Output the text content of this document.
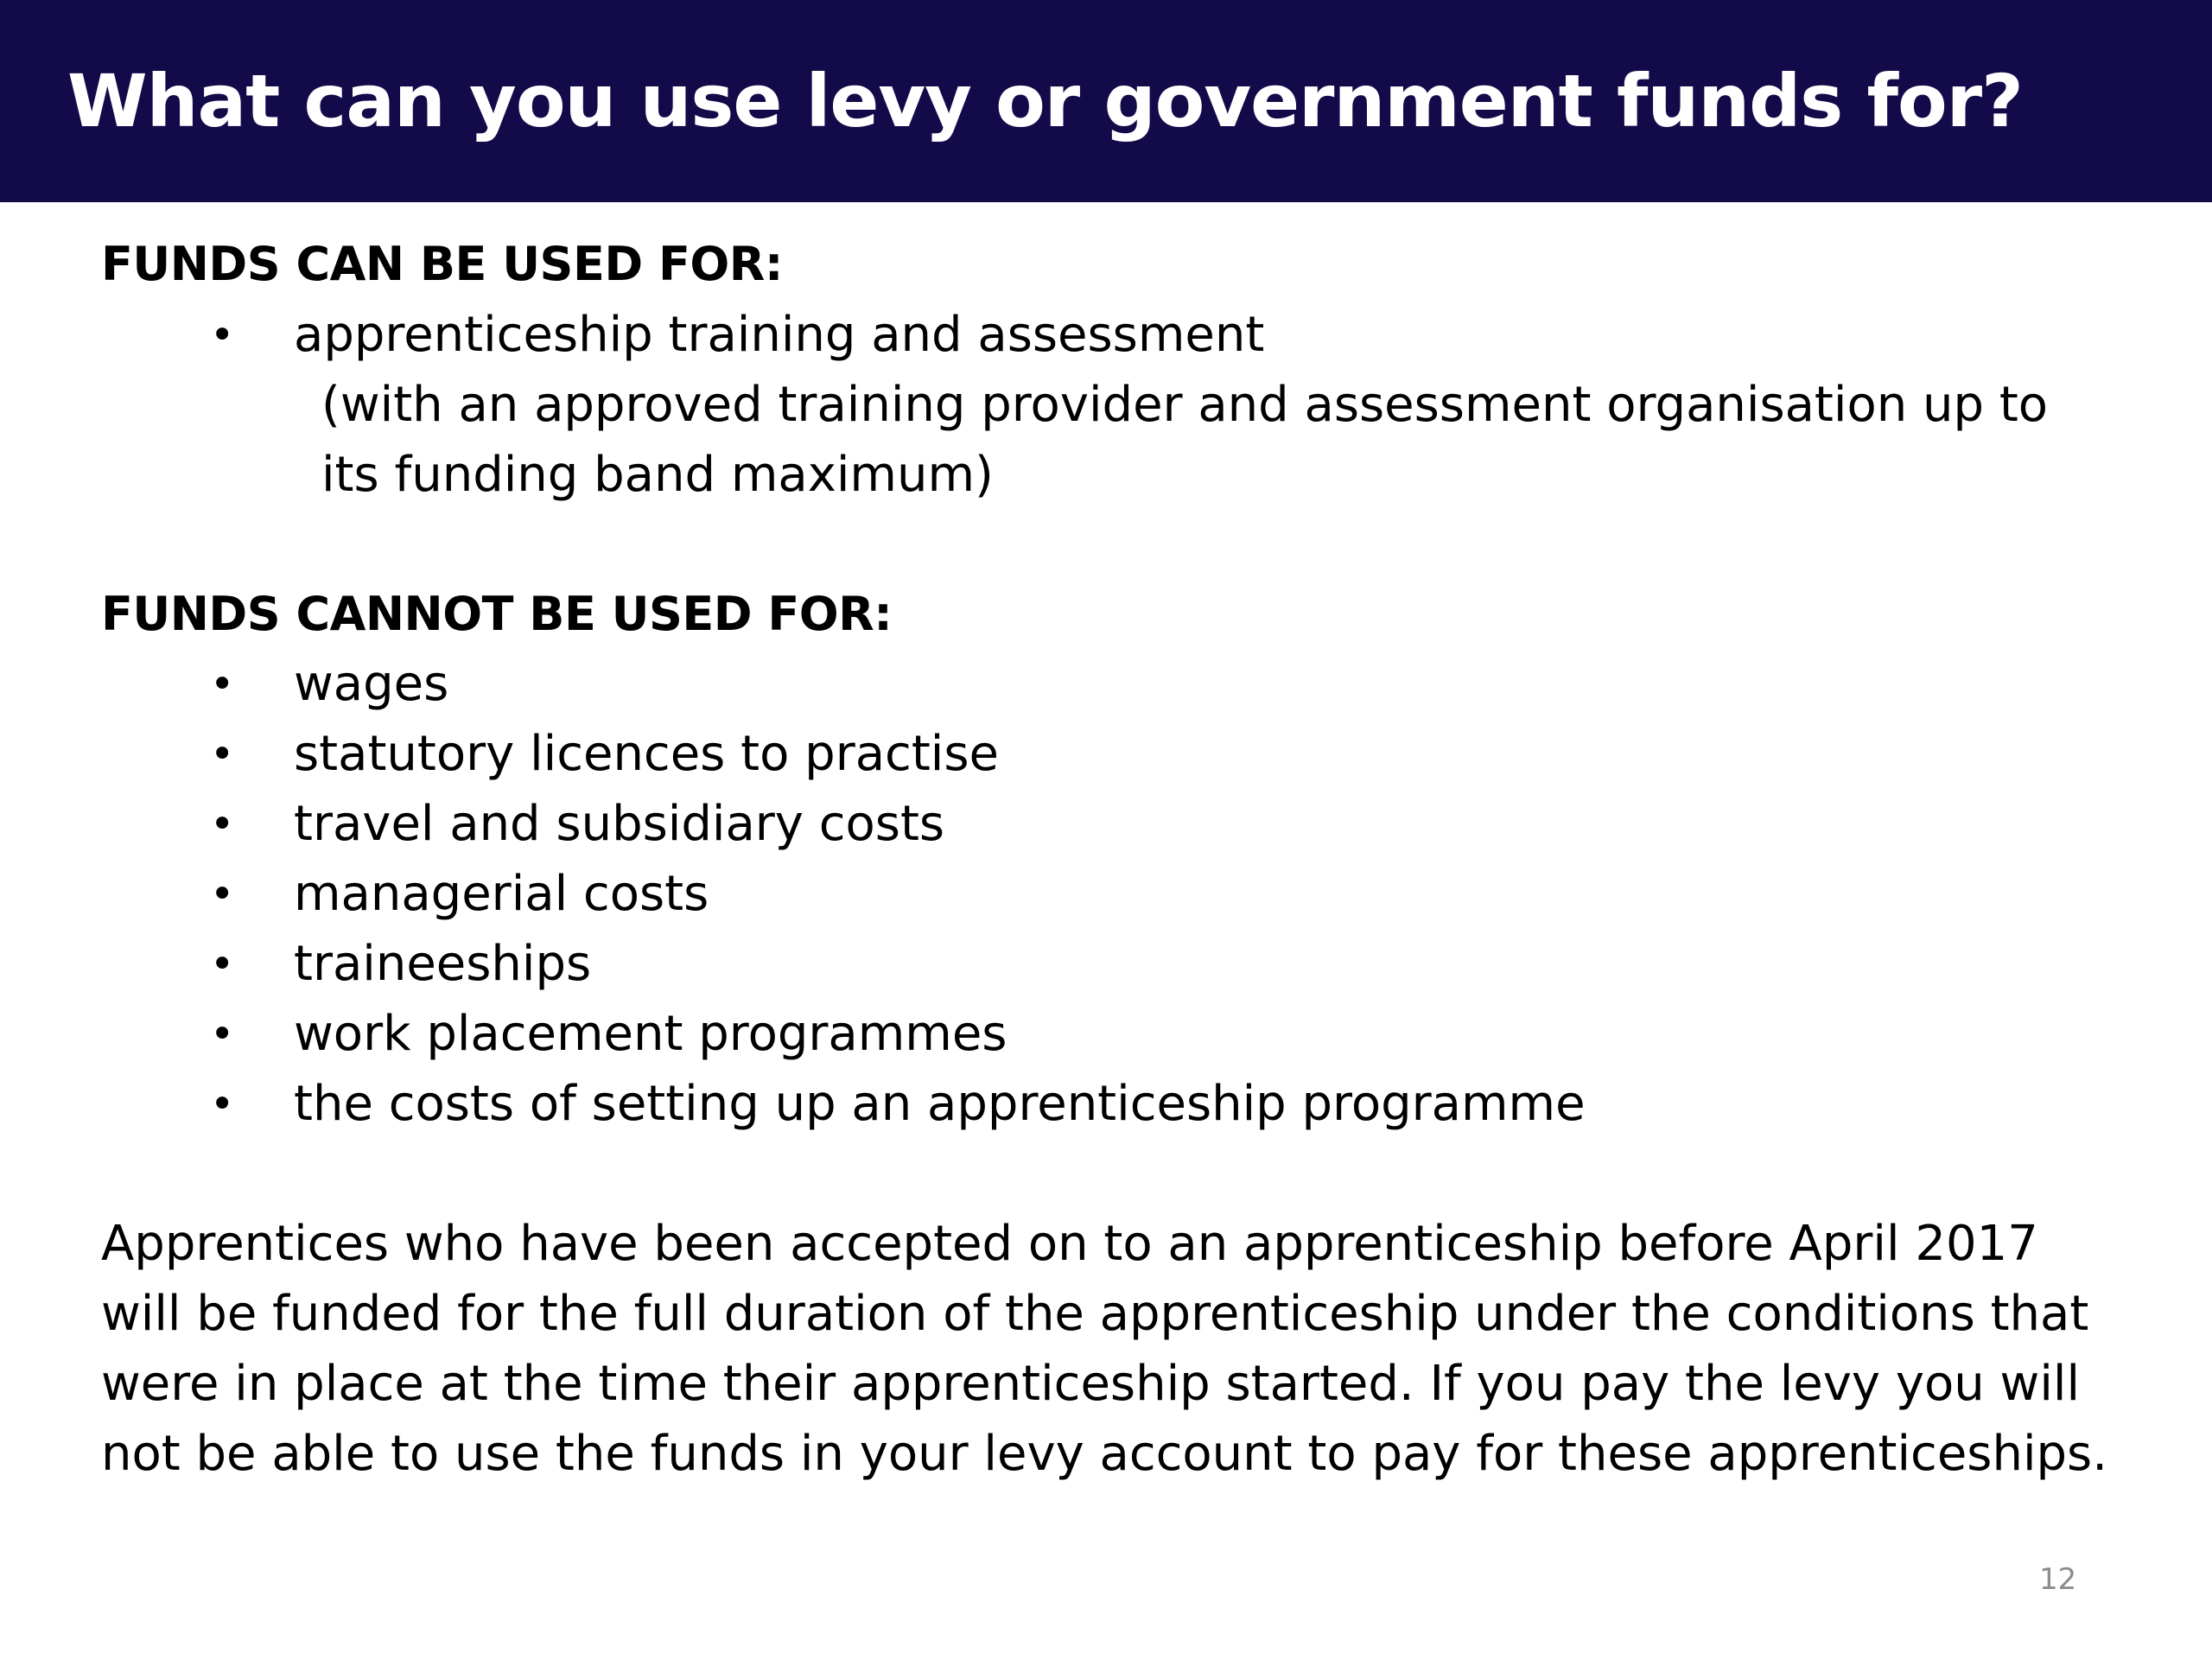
What can you use levy or government funds for?
FUNDS CAN BE USED FOR:
• apprenticeship training and assessment
(with an approved training provider and assessment organisation up to
its funding band maximum)
FUNDS CANNOT BE USED FOR:
• wages
• statutory licences to practise
• travel and subsidiary costs
• managerial costs
• traineeships
• work placement programmes
• the costs of setting up an apprenticeship programme
Apprentices who have been accepted on to an apprenticeship before April 2017
will be funded for the full duration of the apprenticeship under the conditions that
were in place at the time their apprenticeship started. If you pay the levy you will
not be able to use the funds in your levy account to pay for these apprenticeships.
12
